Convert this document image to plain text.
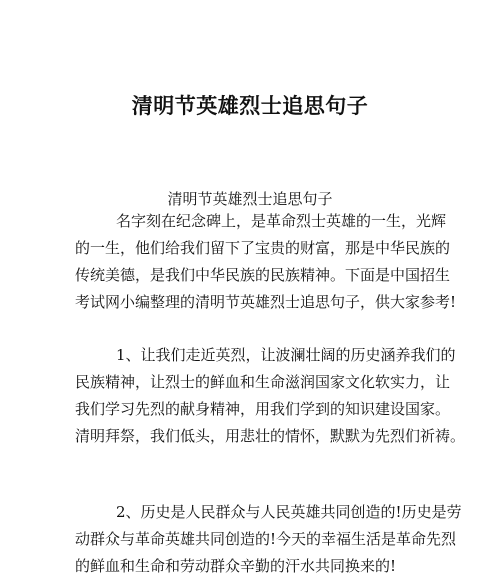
清明节英雄烈士追思句子
清明节英雄烈士追思句子
名字刻在纪念碑上，是革命烈士英雄的一生，光辉
的一生，他们给我们留下了宝贵的财富，那是中华民族的
传统美德，是我们中华民族的民族精神。下面是中国招生
考试网小编整理的清明节英雄烈士追思句子，供大家参考!
1、让我们走近英烈，让波澜壮阔的历史涵养我们的
民族精神，让烈士的鲜血和生命滋润国家文化软实力，让
我们学习先烈的献身精神，用我们学到的知识建设国家。
清明拜祭，我们低头，用悲壮的情怀，默默为先烈们祈祷。
2、历史是人民群众与人民英雄共同创造的!历史是劳
动群众与革命英雄共同创造的!今天的幸福生活是革命先烈
的鲜血和生命和劳动群众辛勤的汗水共同换来的!
